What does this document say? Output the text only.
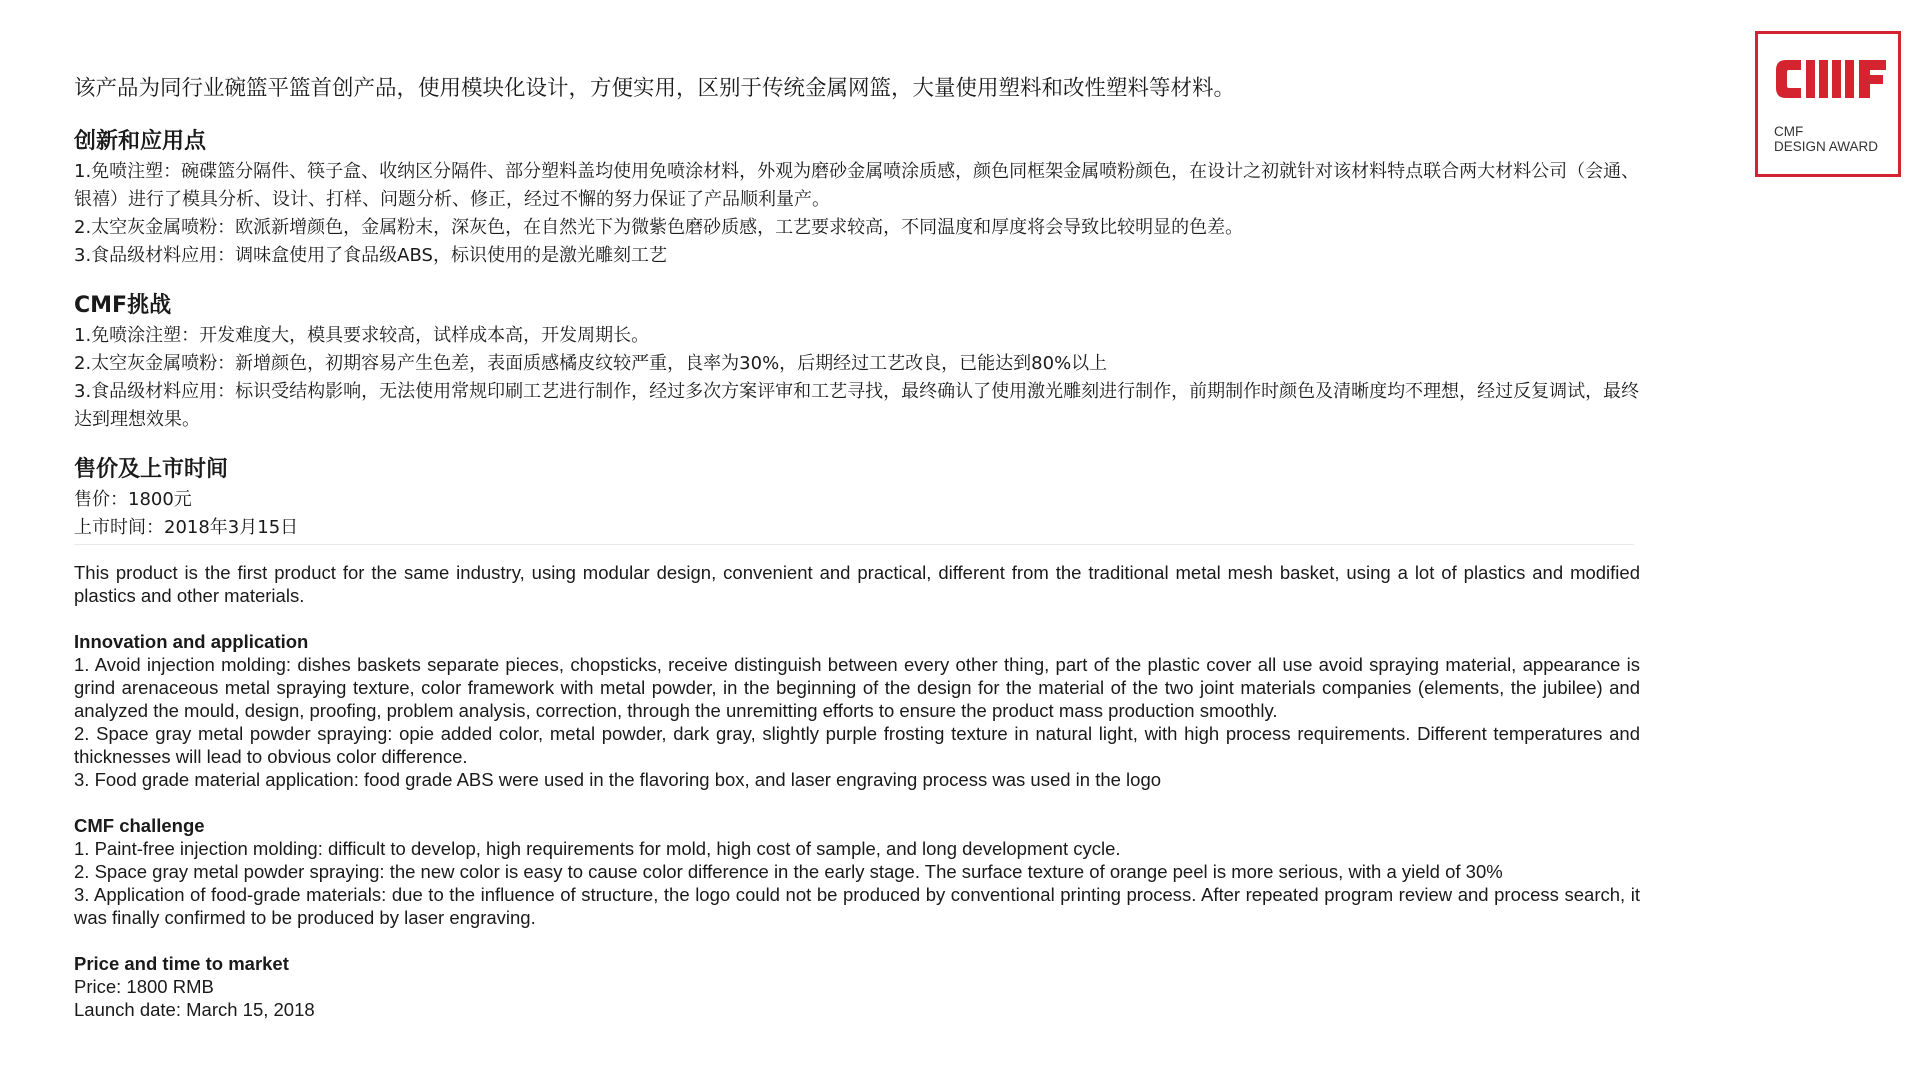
该产品为同行业碗篮平篮首创产品，使用模块化设计，方便实用，区别于传统金属网篮，大量使用塑料和改性塑料等材料。

创新和应用点

1.免喷注塑：碗碟篮分隔件、筷子盒、收纳区分隔件、部分塑料盖均使用免喷涂材料，外观为磨砂金属喷涂质感，颜色同框架金属喷粉颜色，在设计之初就针对该材料特点联合两大材料公司（会通、银禧）进行了模具分析、设计、打样、问题分析、修正，经过不懈的努力保证了产品顺利量产。

2.太空灰金属喷粉：欧派新增颜色，金属粉末，深灰色，在自然光下为微紫色磨砂质感，工艺要求较高，不同温度和厚度将会导致比较明显的色差。

3.食品级材料应用：调味盒使用了食品级ABS，标识使用的是激光雕刻工艺

CMF挑战

1.免喷涂注塑：开发难度大，模具要求较高，试样成本高，开发周期长。

2.太空灰金属喷粉：新增颜色，初期容易产生色差，表面质感橘皮纹较严重，良率为30%，后期经过工艺改良，已能达到80%以上

3.食品级材料应用：标识受结构影响，无法使用常规印刷工艺进行制作，经过多次方案评审和工艺寻找，最终确认了使用激光雕刻进行制作，前期制作时颜色及清晰度均不理想，经过反复调试，最终达到理想效果。

售价及上市时间

售价：1800元

上市时间：2018年3月15日

This product is the first product for the same industry, using modular design, convenient and practical, different from the traditional metal mesh basket, using a lot of plastics and modified plastics and other materials.

Innovation and application

1. Avoid injection molding: dishes baskets separate pieces, chopsticks, receive distinguish between every other thing, part of the plastic cover all use avoid spraying material, appearance is grind arenaceous metal spraying texture, color framework with metal powder, in the beginning of the design for the material of the two joint materials companies (elements, the jubilee) and analyzed the mould, design, proofing, problem analysis, correction, through the unremitting efforts to ensure the product mass production smoothly.

2. Space gray metal powder spraying: opie added color, metal powder, dark gray, slightly purple frosting texture in natural light, with high process requirements. Different temperatures and thicknesses will lead to obvious color difference.

3. Food grade material application: food grade ABS were used in the flavoring box, and laser engraving process was used in the logo

CMF challenge

1. Paint-free injection molding: difficult to develop, high requirements for mold, high cost of sample, and long development cycle.

2. Space gray metal powder spraying: the new color is easy to cause color difference in the early stage. The surface texture of orange peel is more serious, with a yield of 30%

3. Application of food-grade materials: due to the influence of structure, the logo could not be produced by conventional printing process. After repeated program review and process search, it was finally confirmed to be produced by laser engraving.

Price and time to market

Price: 1800 RMB

Launch date: March 15, 2018

CMF
DESIGN AWARD
